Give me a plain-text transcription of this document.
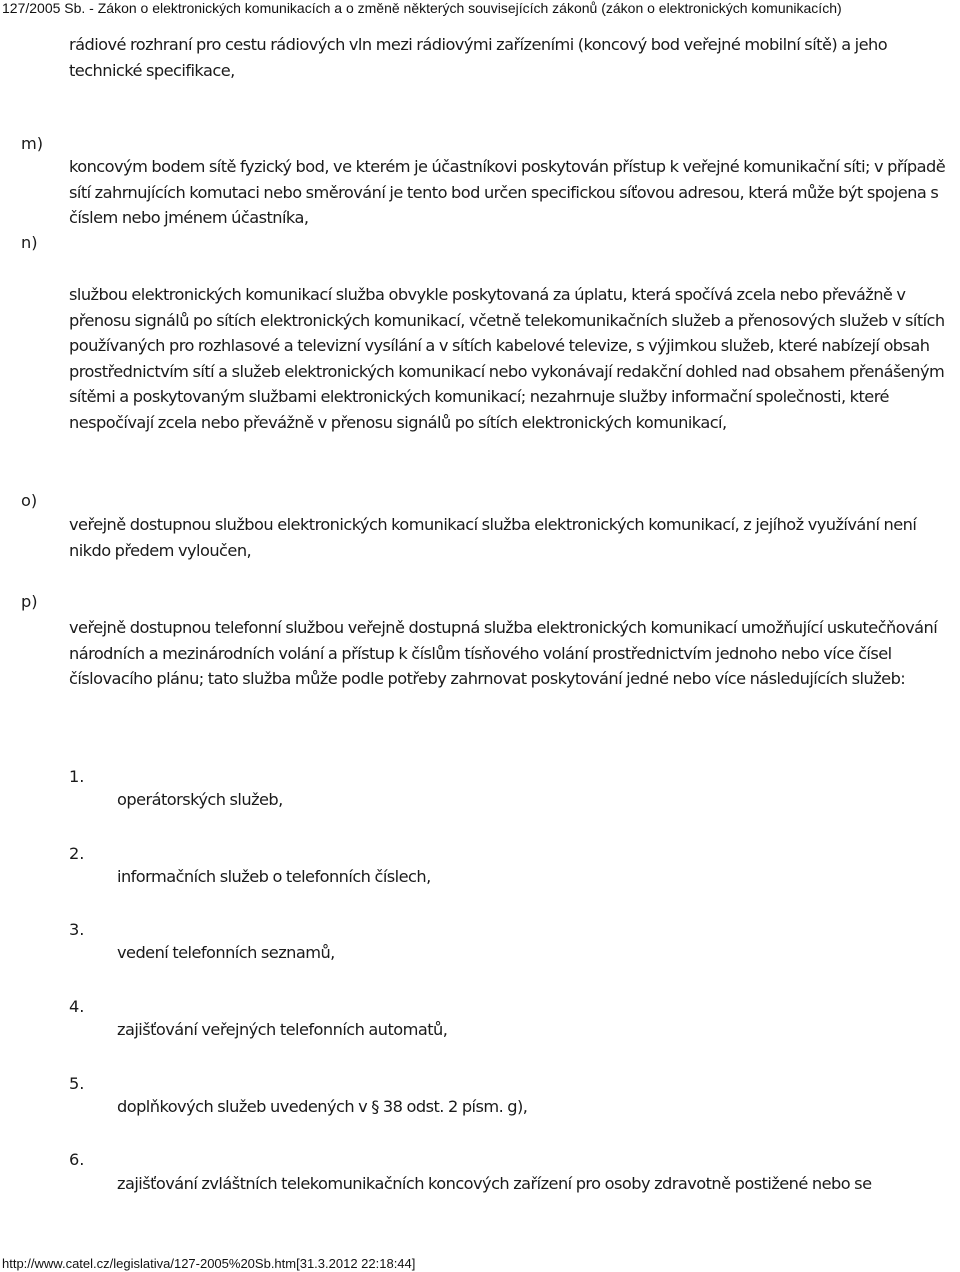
127/2005 Sb. - Zákon o elektronických komunikacích a o změně některých souvisejících zákonů (zákon o elektronických komunikacích)
rádiové rozhraní pro cestu rádiových vln mezi rádiovými zařízeními (koncový bod veřejné mobilní sítě) a jeho technické specifikace,
m)
koncovým bodem sítě fyzický bod, ve kterém je účastníkovi poskytován přístup k veřejné komunikační síti; v případě sítí zahrnujících komutaci nebo směrování je tento bod určen specifickou síťovou adresou, která může být spojena s číslem nebo jménem účastníka,
n)
službou elektronických komunikací služba obvykle poskytovaná za úplatu, která spočívá zcela nebo převážně v přenosu signálů po sítích elektronických komunikací, včetně telekomunikačních služeb a přenosových služeb v sítích používaných pro rozhlasové a televizní vysílání a v sítích kabelové televize, s výjimkou služeb, které nabízejí obsah prostřednictvím sítí a služeb elektronických komunikací nebo vykonávají redakční dohled nad obsahem přenášeným sítěmi a poskytovaným službami elektronických komunikací; nezahrnuje služby informační společnosti, které nespočívají zcela nebo převážně v přenosu signálů po sítích elektronických komunikací,
o)
veřejně dostupnou službou elektronických komunikací služba elektronických komunikací, z jejíhož využívání není nikdo předem vyloučen,
p)
veřejně dostupnou telefonní službou veřejně dostupná služba elektronických komunikací umožňující uskutečňování národních a mezinárodních volání a přístup k číslům tísňového volání prostřednictvím jednoho nebo více čísel číslovacího plánu; tato služba může podle potřeby zahrnovat poskytování jedné nebo více následujících služeb:
1.
operátorských služeb,
2.
informačních služeb o telefonních číslech,
3.
vedení telefonních seznamů,
4.
zajišťování veřejných telefonních automatů,
5.
doplňkových služeb uvedených v § 38 odst. 2 písm. g),
6.
zajišťování zvláštních telekomunikačních koncových zařízení pro osoby zdravotně postižené nebo se
http://www.catel.cz/legislativa/127-2005%20Sb.htm[31.3.2012 22:18:44]
